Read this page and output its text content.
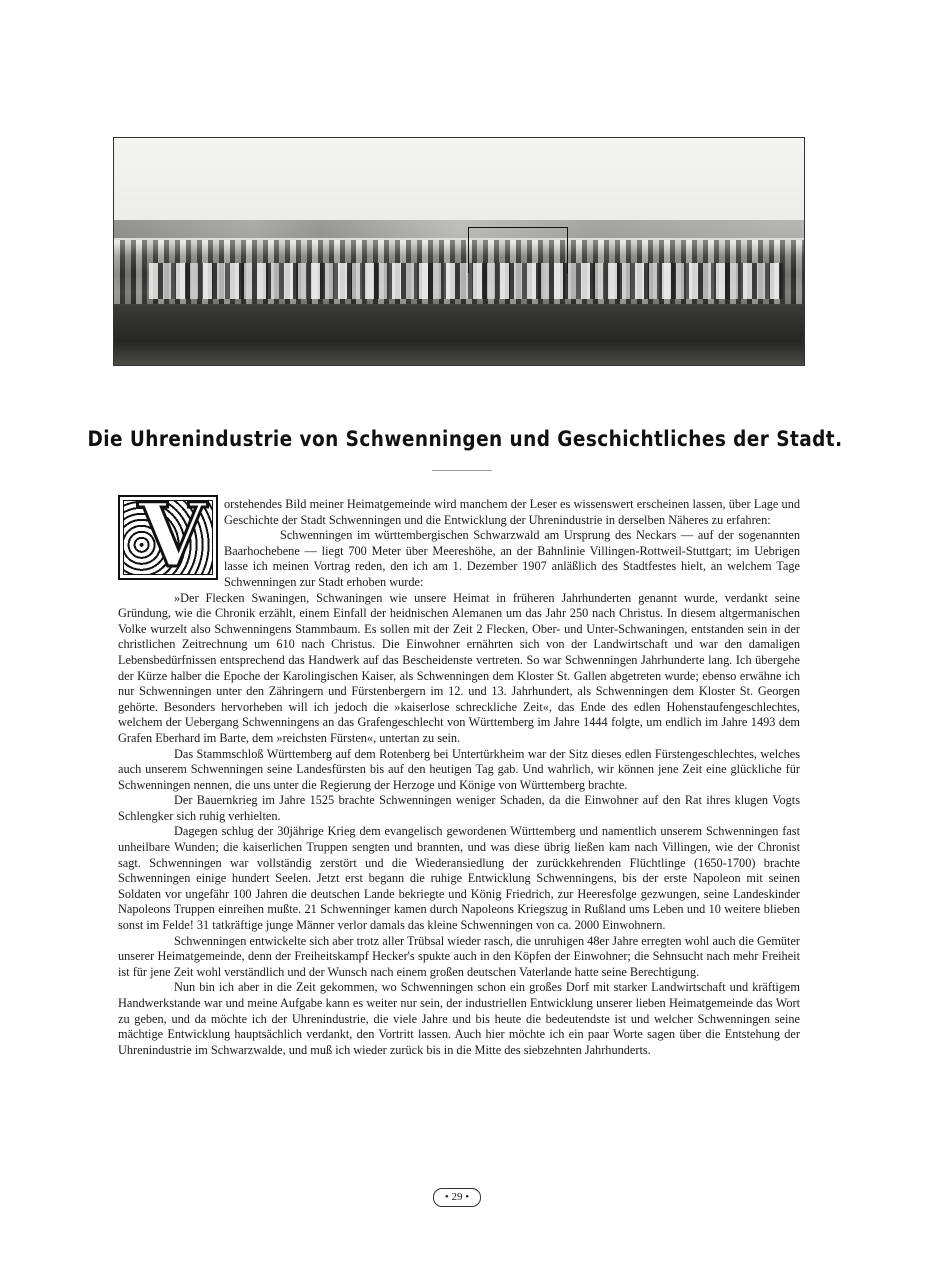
Die Uhrenindustrie von Schwenningen und Geschichtliches der Stadt.
V	orstehendes Bild meiner Heimatgemeinde wird manchem der Leser es wissenswert erscheinen lassen, über Lage und Geschichte der Stadt Schwenningen und die Entwicklung der Uhrenindustrie in derselben Näheres zu erfahren:

Schwenningen im württembergischen Schwarzwald am Ursprung des Neckars — auf der sogenannten Baarhochebene — liegt 700 Meter über Meereshöhe, an der Bahnlinie Villingen-Rottweil-Stuttgart; im Uebrigen lasse ich meinen Vortrag reden, den ich am 1. Dezember 1907 anläßlich des Stadtfestes hielt, an welchem Tage Schwenningen zur Stadt erhoben wurde:

»Der Flecken Swaningen, Schwaningen wie unsere Heimat in früheren Jahrhunderten genannt wurde, verdankt seine Gründung, wie die Chronik erzählt, einem Einfall der heidnischen Alemanen um das Jahr 250 nach Christus. In diesem altgermanischen Volke wurzelt also Schwenningens Stammbaum. Es sollen mit der Zeit 2 Flecken, Ober- und Unter-Schwaningen, entstanden sein in der christlichen Zeitrechnung um 610 nach Christus. Die Einwohner ernährten sich von der Landwirtschaft und war den damaligen Lebensbedürfnissen entsprechend das Handwerk auf das Bescheidenste vertreten. So war Schwenningen Jahrhunderte lang. Ich übergehe der Kürze halber die Epoche der Karolingischen Kaiser, als Schwenningen dem Kloster St. Gallen abgetreten wurde; ebenso erwähne ich nur Schwenningen unter den Zähringern und Fürstenbergern im 12. und 13. Jahrhundert, als Schwenningen dem Kloster St. Georgen gehörte. Besonders hervorheben will ich jedoch die »kaiserlose schreckliche Zeit«, das Ende des edlen Hohenstaufengeschlechtes, welchem der Uebergang Schwenningens an das Grafengeschlecht von Württemberg im Jahre 1444 folgte, um endlich im Jahre 1493 dem Grafen Eberhard im Barte, dem »reichsten Fürsten«, untertan zu sein.

Das Stammschloß Württemberg auf dem Rotenberg bei Untertürkheim war der Sitz dieses edlen Fürstengeschlechtes, welches auch unserem Schwenningen seine Landesfürsten bis auf den heutigen Tag gab. Und wahrlich, wir können jene Zeit eine glückliche für Schwenningen nennen, die uns unter die Regierung der Herzoge und Könige von Württemberg brachte.

Der Bauernkrieg im Jahre 1525 brachte Schwenningen weniger Schaden, da die Einwohner auf den Rat ihres klugen Vogts Schlengker sich ruhig verhielten.

Dagegen schlug der 30jährige Krieg dem evangelisch gewordenen Württemberg und namentlich unserem Schwenningen fast unheilbare Wunden; die kaiserlichen Truppen sengten und brannten, und was diese übrig ließen kam nach Villingen, wie der Chronist sagt. Schwenningen war vollständig zerstört und die Wiederansiedlung der zurückkehrenden Flüchtlinge (1650-1700) brachte Schwenningen einige hundert Seelen. Jetzt erst begann die ruhige Entwicklung Schwenningens, bis der erste Napoleon mit seinen Soldaten vor ungefähr 100 Jahren die deutschen Lande bekriegte und König Friedrich, zur Heeresfolge gezwungen, seine Landeskinder Napoleons Truppen einreihen mußte. 21 Schwenninger kamen durch Napoleons Kriegszug in Rußland ums Leben und 10 weitere blieben sonst im Felde! 31 tatkräftige junge Männer verlor damals das kleine Schwenningen von ca. 2000 Einwohnern.

Schwenningen entwickelte sich aber trotz aller Trübsal wieder rasch, die unruhigen 48er Jahre erregten wohl auch die Gemüter unserer Heimatgemeinde, denn der Freiheitskampf Hecker's spukte auch in den Köpfen der Einwohner; die Sehnsucht nach mehr Freiheit ist für jene Zeit wohl verständlich und der Wunsch nach einem großen deutschen Vaterlande hatte seine Berechtigung.

Nun bin ich aber in die Zeit gekommen, wo Schwenningen schon ein großes Dorf mit starker Landwirtschaft und kräftigem Handwerkstande war und meine Aufgabe kann es weiter nur sein, der industriellen Entwicklung unserer lieben Heimatgemeinde das Wort zu geben, und da möchte ich der Uhrenindustrie, die viele Jahre und bis heute die bedeutendste ist und welcher Schwenningen seine mächtige Entwicklung hauptsächlich verdankt, den Vortritt lassen. Auch hier möchte ich ein paar Worte sagen über die Entstehung der Uhrenindustrie im Schwarzwalde, und muß ich wieder zurück bis in die Mitte des siebzehnten Jahrhunderts.

• 29 •
